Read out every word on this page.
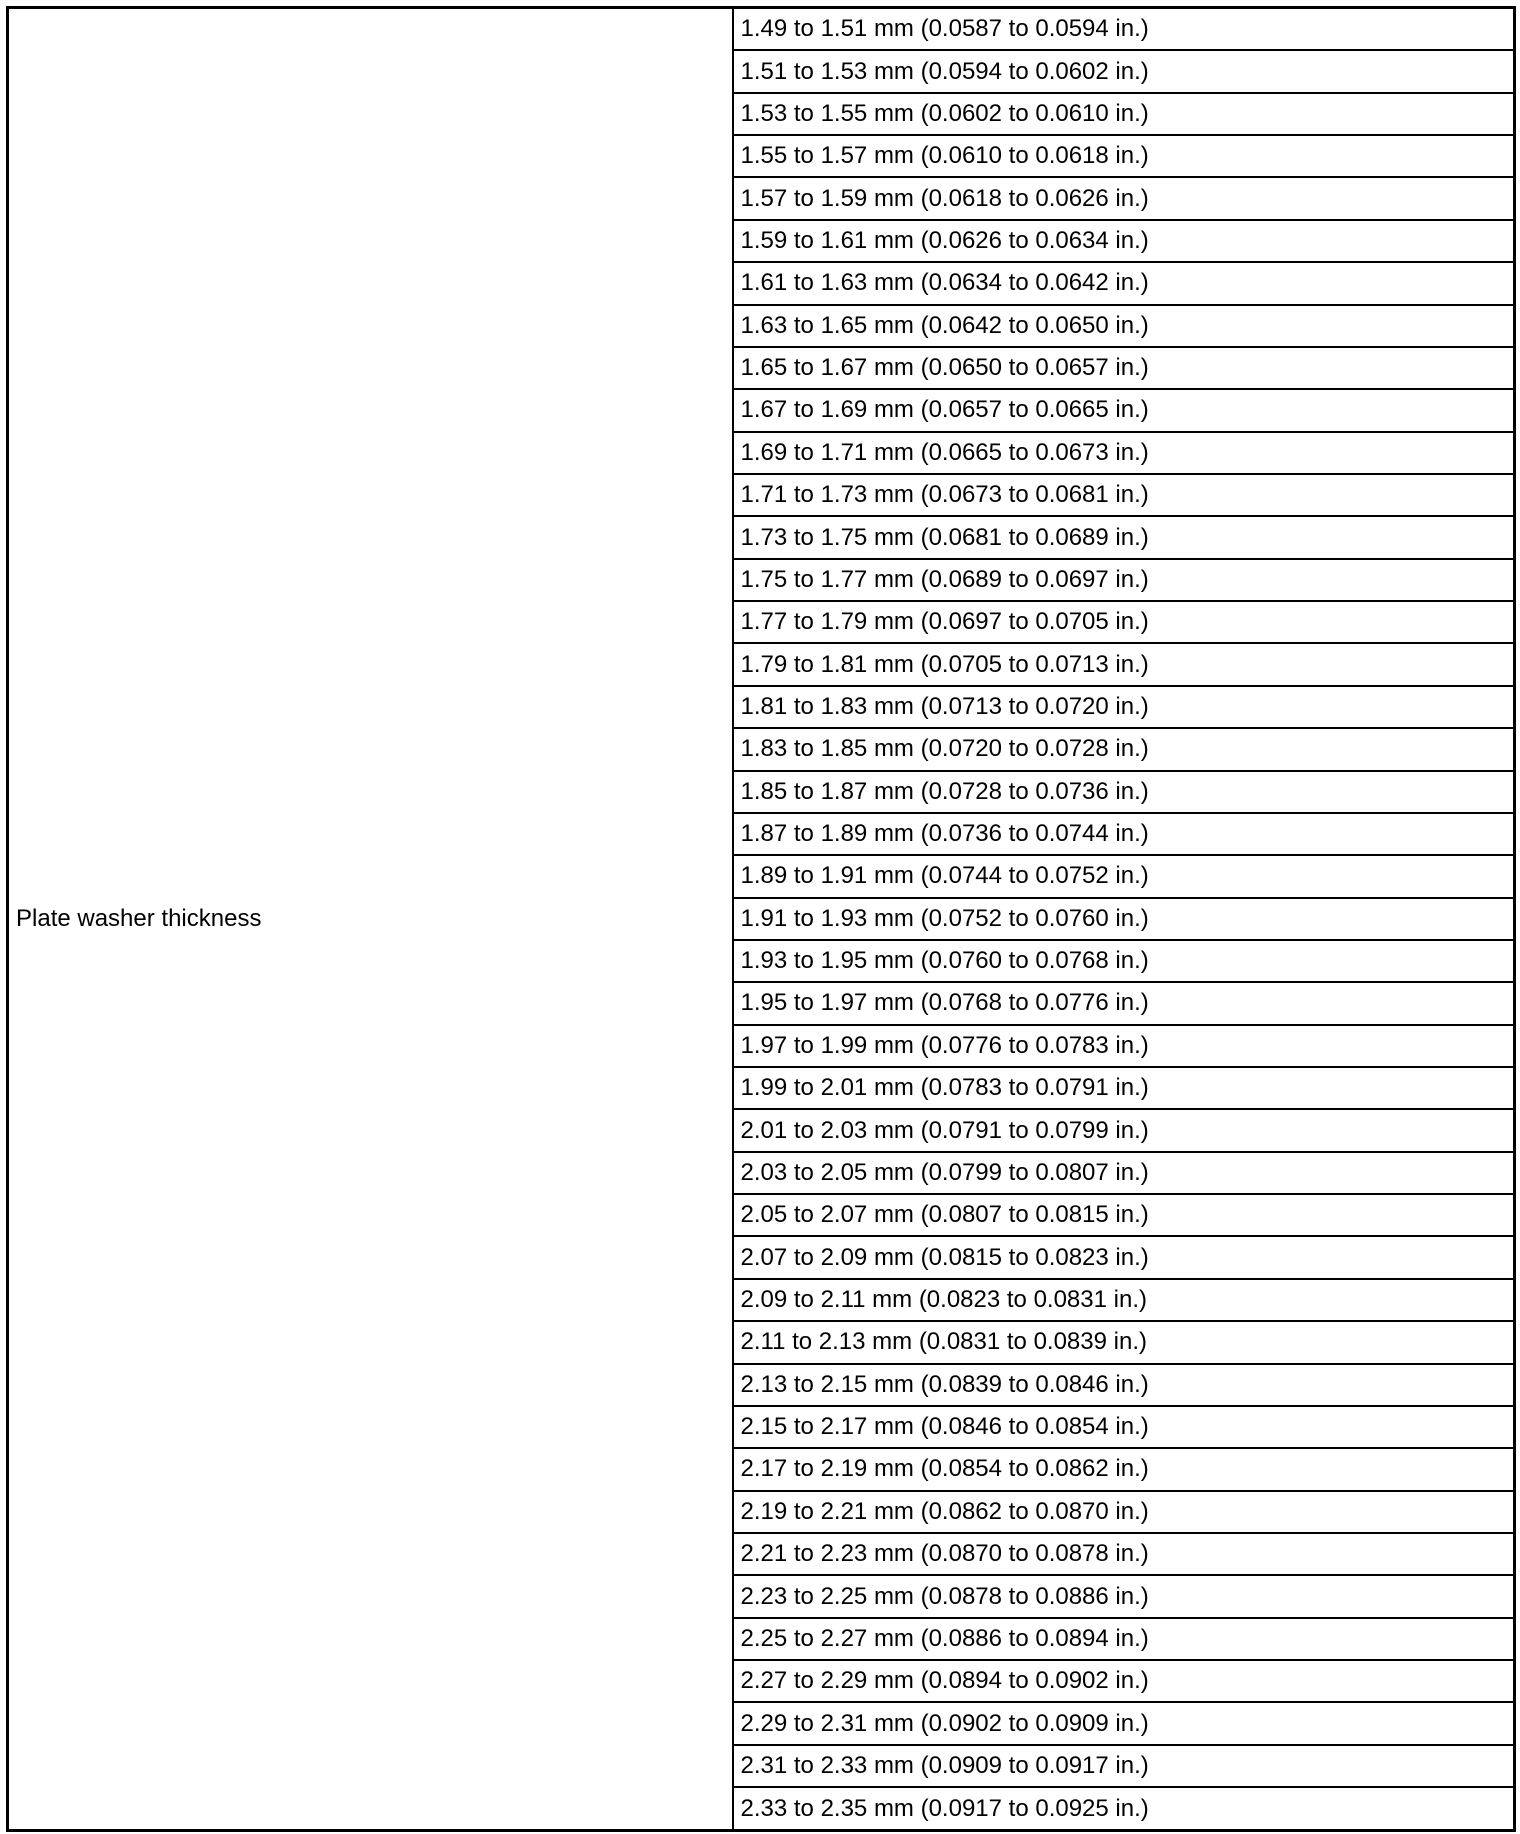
Plate washer thickness	1.49 to 1.51 mm (0.0587 to 0.0594 in.)
1.51 to 1.53 mm (0.0594 to 0.0602 in.)
1.53 to 1.55 mm (0.0602 to 0.0610 in.)
1.55 to 1.57 mm (0.0610 to 0.0618 in.)
1.57 to 1.59 mm (0.0618 to 0.0626 in.)
1.59 to 1.61 mm (0.0626 to 0.0634 in.)
1.61 to 1.63 mm (0.0634 to 0.0642 in.)
1.63 to 1.65 mm (0.0642 to 0.0650 in.)
1.65 to 1.67 mm (0.0650 to 0.0657 in.)
1.67 to 1.69 mm (0.0657 to 0.0665 in.)
1.69 to 1.71 mm (0.0665 to 0.0673 in.)
1.71 to 1.73 mm (0.0673 to 0.0681 in.)
1.73 to 1.75 mm (0.0681 to 0.0689 in.)
1.75 to 1.77 mm (0.0689 to 0.0697 in.)
1.77 to 1.79 mm (0.0697 to 0.0705 in.)
1.79 to 1.81 mm (0.0705 to 0.0713 in.)
1.81 to 1.83 mm (0.0713 to 0.0720 in.)
1.83 to 1.85 mm (0.0720 to 0.0728 in.)
1.85 to 1.87 mm (0.0728 to 0.0736 in.)
1.87 to 1.89 mm (0.0736 to 0.0744 in.)
1.89 to 1.91 mm (0.0744 to 0.0752 in.)
1.91 to 1.93 mm (0.0752 to 0.0760 in.)
1.93 to 1.95 mm (0.0760 to 0.0768 in.)
1.95 to 1.97 mm (0.0768 to 0.0776 in.)
1.97 to 1.99 mm (0.0776 to 0.0783 in.)
1.99 to 2.01 mm (0.0783 to 0.0791 in.)
2.01 to 2.03 mm (0.0791 to 0.0799 in.)
2.03 to 2.05 mm (0.0799 to 0.0807 in.)
2.05 to 2.07 mm (0.0807 to 0.0815 in.)
2.07 to 2.09 mm (0.0815 to 0.0823 in.)
2.09 to 2.11 mm (0.0823 to 0.0831 in.)
2.11 to 2.13 mm (0.0831 to 0.0839 in.)
2.13 to 2.15 mm (0.0839 to 0.0846 in.)
2.15 to 2.17 mm (0.0846 to 0.0854 in.)
2.17 to 2.19 mm (0.0854 to 0.0862 in.)
2.19 to 2.21 mm (0.0862 to 0.0870 in.)
2.21 to 2.23 mm (0.0870 to 0.0878 in.)
2.23 to 2.25 mm (0.0878 to 0.0886 in.)
2.25 to 2.27 mm (0.0886 to 0.0894 in.)
2.27 to 2.29 mm (0.0894 to 0.0902 in.)
2.29 to 2.31 mm (0.0902 to 0.0909 in.)
2.31 to 2.33 mm (0.0909 to 0.0917 in.)
2.33 to 2.35 mm (0.0917 to 0.0925 in.)
